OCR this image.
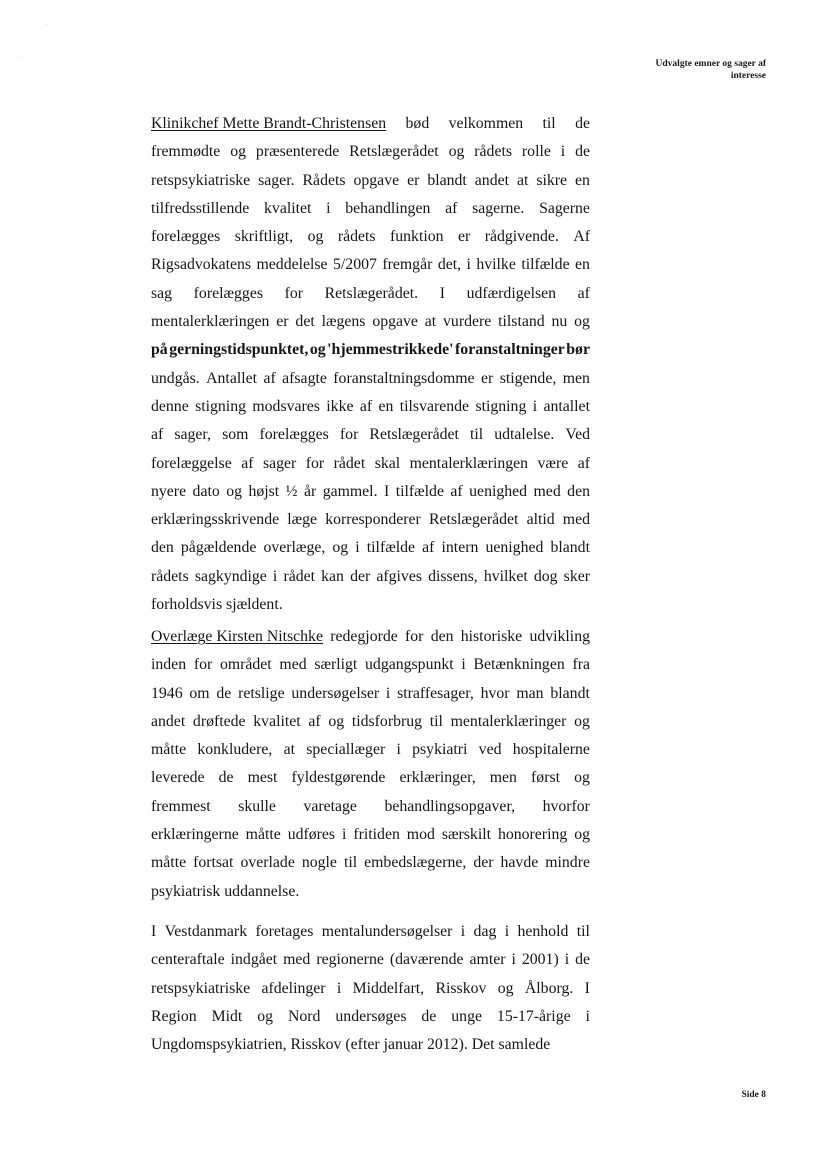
·
·
Udvalgte emner og sager af
interesse
Klinikchef Mette Brandt-Christensen bød velkommen til de
fremmødte og præsenterede Retslægerådet og rådets rolle i de
retspsykiatriske sager. Rådets opgave er blandt andet at sikre en
tilfredsstillende kvalitet i behandlingen af sagerne. Sagerne
forelægges skriftligt, og rådets funktion er rådgivende. Af
Rigsadvokatens meddelelse 5/2007 fremgår det, i hvilke tilfælde en
sag forelægges for Retslægerådet. I udfærdigelsen af
mentalerklæringen er det lægens opgave at vurdere tilstand nu og
på gerningstidspunktet, og 'hjemmestrikkede' foranstaltninger bør
undgås. Antallet af afsagte foranstaltningsdomme er stigende, men
denne stigning modsvares ikke af en tilsvarende stigning i antallet
af sager, som forelægges for Retslægerådet til udtalelse. Ved
forelæggelse af sager for rådet skal mentalerklæringen være af
nyere dato og højst ½ år gammel. I tilfælde af uenighed med den
erklæringsskrivende læge korresponderer Retslægerådet altid med
den pågældende overlæge, og i tilfælde af intern uenighed blandt
rådets sagkyndige i rådet kan der afgives dissens, hvilket dog sker
forholdsvis sjældent.
Overlæge Kirsten Nitschke redegjorde for den historiske udvikling
inden for området med særligt udgangspunkt i Betænkningen fra
1946 om de retslige undersøgelser i straffesager, hvor man blandt
andet drøftede kvalitet af og tidsforbrug til mentalerklæringer og
måtte konkludere, at speciallæger i psykiatri ved hospitalerne
leverede de mest fyldestgørende erklæringer, men først og
fremmest skulle varetage behandlingsopgaver, hvorfor
erklæringerne måtte udføres i fritiden mod særskilt honorering og
måtte fortsat overlade nogle til embedslægerne, der havde mindre
psykiatrisk uddannelse.
I Vestdanmark foretages mentalundersøgelser i dag i henhold til
centeraftale indgået med regionerne (daværende amter i 2001) i de
retspsykiatriske afdelinger i Middelfart, Risskov og Ålborg. I
Region Midt og Nord undersøges de unge 15-17-årige i
Ungdomspsykiatrien, Risskov (efter januar 2012). Det samlede
Side 8
